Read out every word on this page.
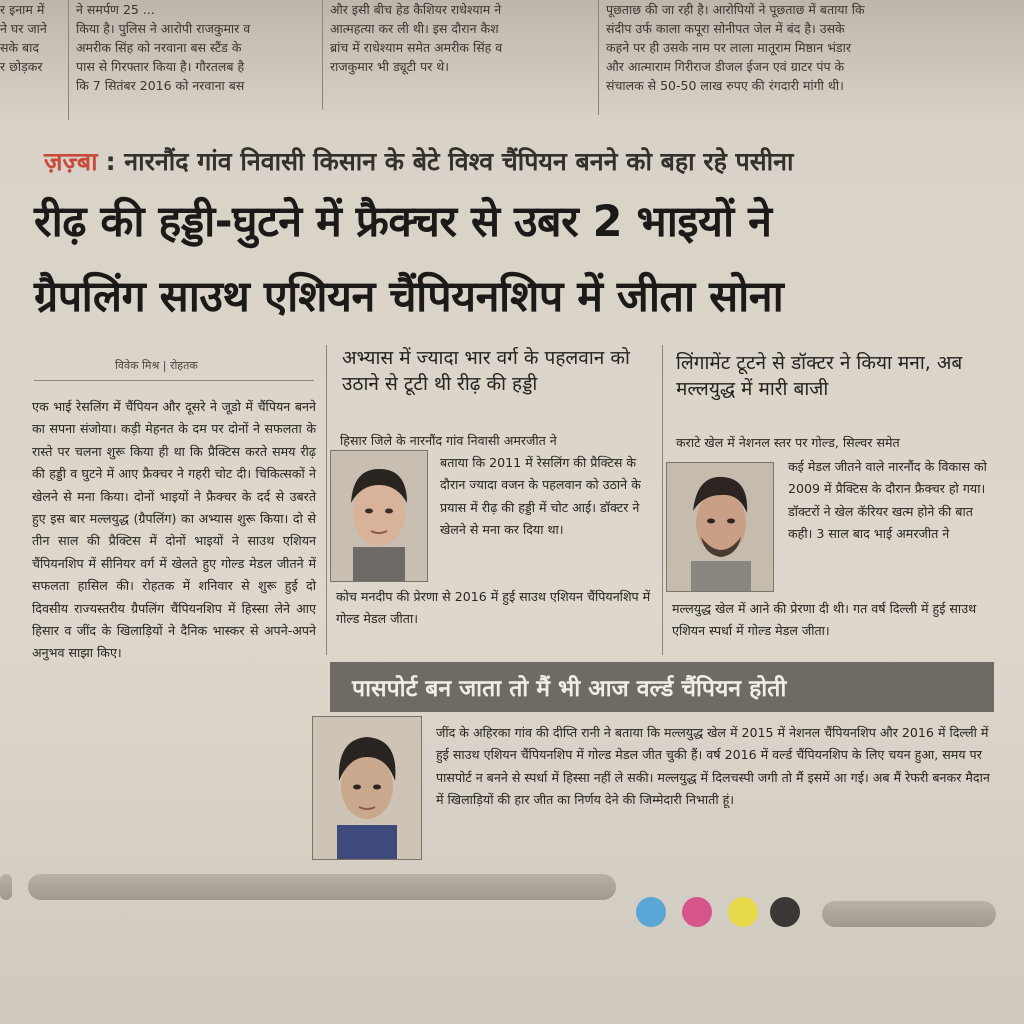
र इनाम में

ने घर जाने

सके बाद

र छोड़कर

ने समर्पण 25 ...

किया है। पुलिस ने आरोपी राजकुमार व

अमरीक सिंह को नरवाना बस स्टैंड के

पास से गिरफ्तार किया है। गौरतलब है

कि 7 सितंबर 2016 को नरवाना बस

और इसी बीच हेड कैशियर राधेश्याम ने

आत्महत्या कर ली थी। इस दौरान कैश

ब्रांच में राधेश्याम समेत अमरीक सिंह व

राजकुमार भी ड्यूटी पर थे।

पूछताछ की जा रही है। आरोपियों ने पूछताछ में बताया कि

संदीप उर्फ काला कपूरा सोनीपत जेल में बंद है। उसके

कहने पर ही उसके नाम पर लाला मातूराम मिष्ठान भंडार

और आत्माराम गिरीराज डीजल ईजन एवं ग्राटर पंप के

संचालक से 50-50 लाख रुपए की रंगदारी मांगी थी।

ज़ज़्बा : नारनौंद गांव निवासी किसान के बेटे विश्व चैंपियन बनने को बहा रहे पसीना
रीढ़ की हड्डी-घुटने में फ्रैक्चर से उबर 2 भाइयों ने
ग्रैपलिंग साउथ एशियन चैंपियनशिप में जीता सोना
विवेक मिश्र | रोहतक

एक भाई रेसलिंग में चैंपियन और दूसरे ने जूडो में चैंपियन बनने का सपना संजोया। कड़ी मेहनत के दम पर दोनों ने सफलता के रास्ते पर चलना शुरू किया ही था कि प्रैक्टिस करते समय रीढ़ की हड्डी व घुटने में आए फ्रैक्चर ने गहरी चोट दी। चिकित्सकों ने खेलने से मना किया। दोनों भाइयों ने फ्रैक्चर के दर्द से उबरते हुए इस बार मल्लयुद्ध (ग्रैपलिंग) का अभ्यास शुरू किया। दो से तीन साल की प्रैक्टिस में दोनों भाइयों ने साउथ एशियन चैंपियनशिप में सीनियर वर्ग में खेलते हुए गोल्ड मेडल जीतने में सफलता हासिल की। रोहतक में शनिवार से शुरू हुई दो दिवसीय राज्यस्तरीय ग्रैपलिंग चैंपियनशिप में हिस्सा लेने आए हिसार व जींद के खिलाड़ियों ने दैनिक भास्कर से अपने-अपने अनुभव साझा किए।

अभ्यास में ज्यादा भार वर्ग के पहलवान को उठाने से टूटी थी रीढ़ की हड्डी
हिसार जिले के नारनौंद गांव निवासी अमरजीत ने
बताया कि 2011 में रेसलिंग की प्रैक्टिस के दौरान ज्यादा वजन के पहलवान को उठाने के प्रयास में रीढ़ की हड्डी में चोट आई। डॉक्टर ने खेलने से मना कर दिया था।
कोच मनदीप की प्रेरणा से 2016 में हुई साउथ एशियन चैंपियनशिप में गोल्ड मेडल जीता।
लिंगामेंट टूटने से डॉक्टर ने किया मना, अब मल्लयुद्ध में मारी बाजी
कराटे खेल में नेशनल स्तर पर गोल्ड, सिल्वर समेत
कई मेडल जीतने वाले नारनौंद के विकास को 2009 में प्रैक्टिस के दौरान फ्रैक्चर हो गया। डॉक्टरों ने खेल कॅरियर खत्म होने की बात कही। 3 साल बाद भाई अमरजीत ने
मल्लयुद्ध खेल में आने की प्रेरणा दी थी। गत वर्ष दिल्ली में हुई साउथ एशियन स्पर्धा में गोल्ड मेडल जीता।
पासपोर्ट बन जाता तो मैं भी आज वर्ल्ड चैंपियन होती
जींद के अहिरका गांव की दीप्ति रानी ने बताया कि मल्लयुद्ध खेल में 2015 में नेशनल चैंपियनशिप और 2016 में दिल्ली में हुई साउथ एशियन चैंपियनशिप में गोल्ड मेडल जीत चुकी हैं। वर्ष 2016 में वर्ल्ड चैंपियनशिप के लिए चयन हुआ, समय पर पासपोर्ट न बनने से स्पर्धा में हिस्सा नहीं ले सकी। मल्लयुद्ध में दिलचस्पी जगी तो मैं इसमें आ गई। अब मैं रेफरी बनकर मैदान में खिलाड़ियों की हार जीत का निर्णय देने की जिम्मेदारी निभाती हूं।
